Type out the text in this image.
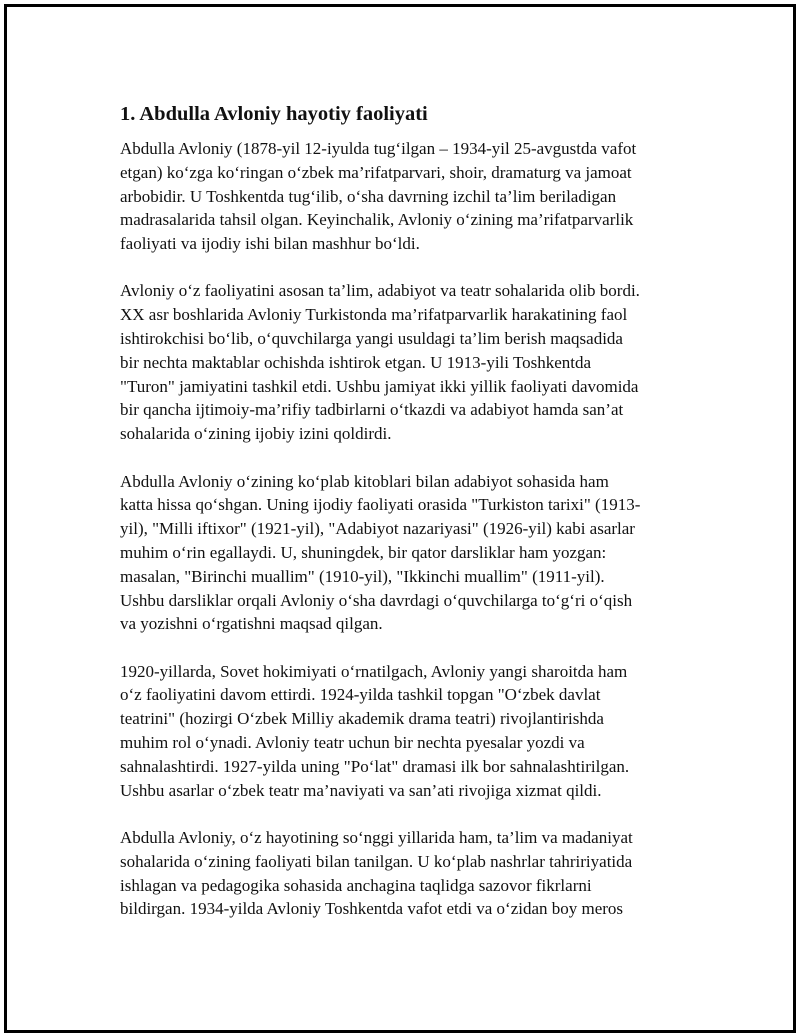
1. Abdulla Avloniy hayotiy faoliyati
Abdulla Avloniy (1878-yil 12-iyulda tug‘ilgan – 1934-yil 25-avgustda vafot
etgan) ko‘zga ko‘ringan o‘zbek ma’rifatparvari, shoir, dramaturg va jamoat
arbobidir. U Toshkentda tug‘ilib, o‘sha davrning izchil ta’lim beriladigan
madrasalarida tahsil olgan. Keyinchalik, Avloniy o‘zining ma’rifatparvarlik
faoliyati va ijodiy ishi bilan mashhur bo‘ldi.
Avloniy o‘z faoliyatini asosan ta’lim, adabiyot va teatr sohalarida olib bordi.
XX asr boshlarida Avloniy Turkistonda ma’rifatparvarlik harakatining faol
ishtirokchisi bo‘lib, o‘quvchilarga yangi usuldagi ta’lim berish maqsadida
bir nechta maktablar ochishda ishtirok etgan. U 1913-yili Toshkentda
"Turon" jamiyatini tashkil etdi. Ushbu jamiyat ikki yillik faoliyati davomida
bir qancha ijtimoiy-ma’rifiy tadbirlarni o‘tkazdi va adabiyot hamda san’at
sohalarida o‘zining ijobiy izini qoldirdi.
Abdulla Avloniy o‘zining ko‘plab kitoblari bilan adabiyot sohasida ham
katta hissa qo‘shgan. Uning ijodiy faoliyati orasida "Turkiston tarixi" (1913-
yil), "Milli iftixor" (1921-yil), "Adabiyot nazariyasi" (1926-yil) kabi asarlar
muhim o‘rin egallaydi. U, shuningdek, bir qator darsliklar ham yozgan:
masalan, "Birinchi muallim" (1910-yil), "Ikkinchi muallim" (1911-yil).
Ushbu darsliklar orqali Avloniy o‘sha davrdagi o‘quvchilarga to‘g‘ri o‘qish
va yozishni o‘rgatishni maqsad qilgan.
1920-yillarda, Sovet hokimiyati o‘rnatilgach, Avloniy yangi sharoitda ham
o‘z faoliyatini davom ettirdi. 1924-yilda tashkil topgan "O‘zbek davlat
teatrini" (hozirgi O‘zbek Milliy akademik drama teatri) rivojlantirishda
muhim rol o‘ynadi. Avloniy teatr uchun bir nechta pyesalar yozdi va
sahnalashtirdi. 1927-yilda uning "Po‘lat" dramasi ilk bor sahnalashtirilgan.
Ushbu asarlar o‘zbek teatr ma’naviyati va san’ati rivojiga xizmat qildi.
Abdulla Avloniy, o‘z hayotining so‘nggi yillarida ham, ta’lim va madaniyat
sohalarida o‘zining faoliyati bilan tanilgan. U ko‘plab nashrlar tahririyatida
ishlagan va pedagogika sohasida anchagina taqlidga sazovor fikrlarni
bildirgan. 1934-yilda Avloniy Toshkentda vafot etdi va o‘zidan boy meros
